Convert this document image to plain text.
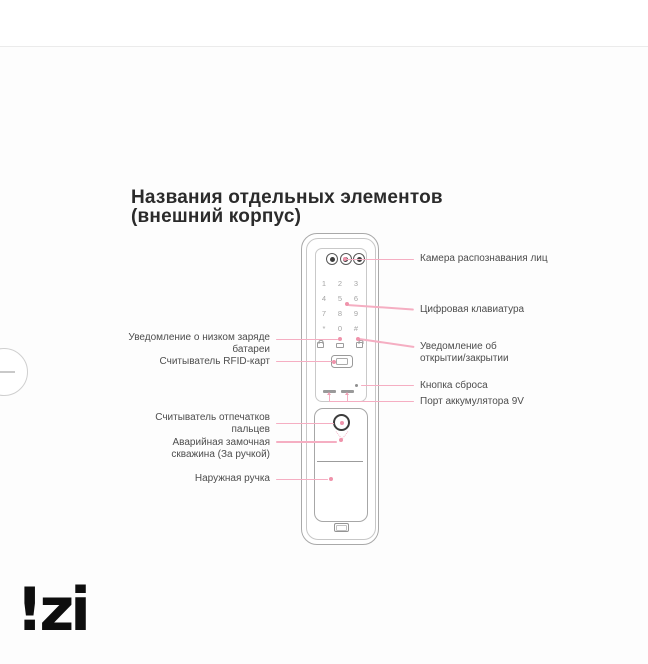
Названия отдельных элементов
(внешний корпус)
1	2	3
4	5	6
7	8	9
*	0	#
Камера распознавания лиц
Цифровая клавиатура
Уведомление об
открытии/закрытии
Кнопка сброса
Порт аккумулятора 9V
Уведомление о низком заряде
батареи
Считыватель RFID-карт
Считыватель отпечатков
пальцев
Аварийная замочная
скважина (За ручкой)
Наружная ручка
!zi
